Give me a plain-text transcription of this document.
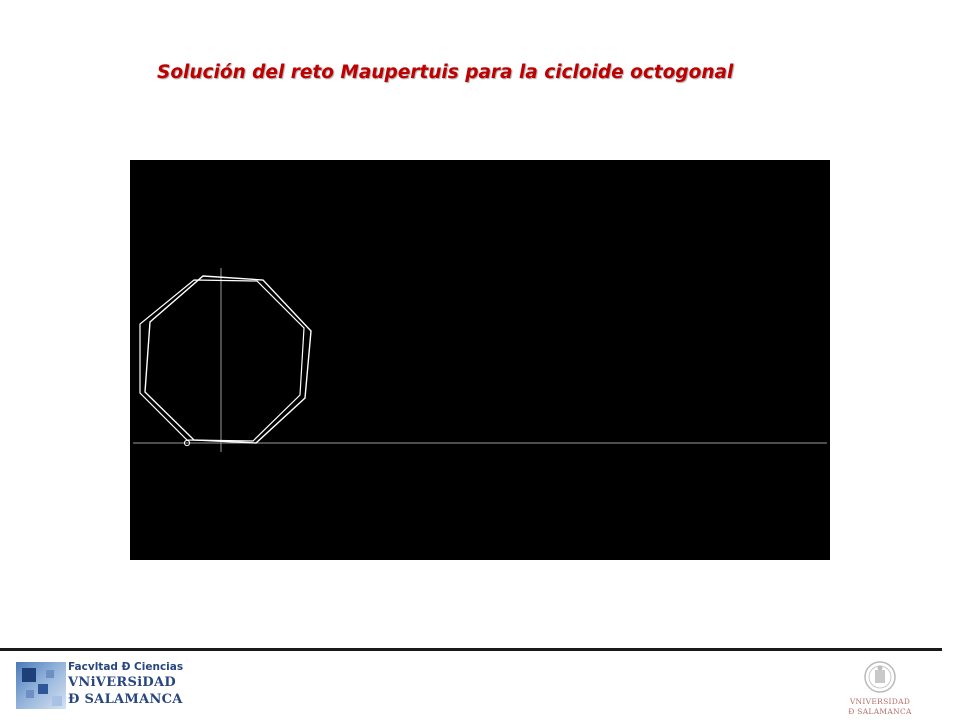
Solución del reto Maupertuis para la cicloide octogonal
Facvltad Ð Ciencias
VNiVERSiDAD
Ð SALAMANCA	VNIVERSIDAD
Ð SALAMANCA
